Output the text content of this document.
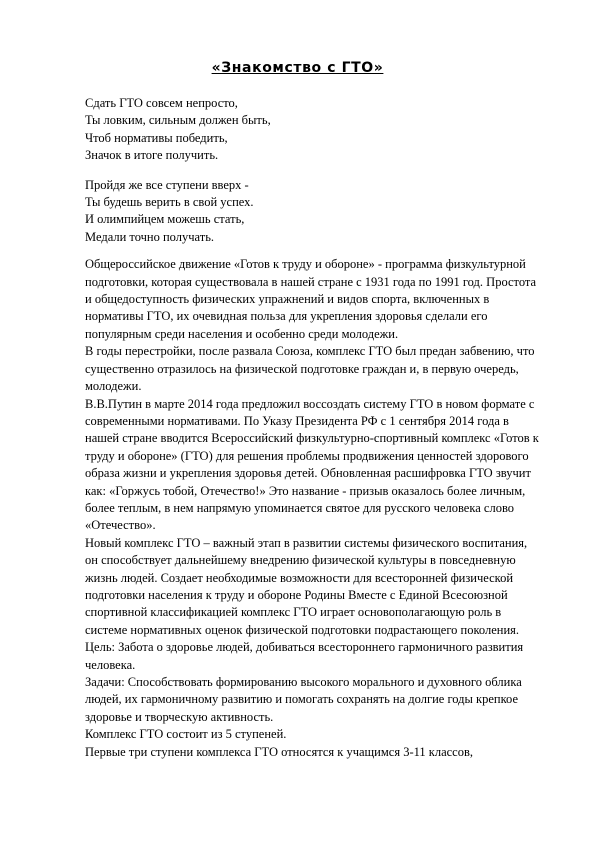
«Знакомство с ГТО»
Сдать ГТО совсем непросто,
Ты ловким, сильным должен быть,
Чтоб нормативы победить,
Значок в итоге получить.
Пройдя же все ступени вверх -
Ты будешь верить в свой успех.
И олимпийцем можешь стать,
Медали точно получать.

Общероссийское движение «Готов к труду и обороне» - программа физкультурной подготовки, которая существовала в нашей стране с 1931 года по 1991 год. Простота и общедоступность физических упражнений и видов спорта, включенных в нормативы ГТО, их очевидная польза для укрепления здоровья сделали его популярным среди населения и особенно среди молодежи.

В годы перестройки, после развала Союза, комплекс ГТО был предан забвению, что существенно отразилось на физической подготовке граждан и, в первую очередь, молодежи.

В.В.Путин в марте 2014 года предложил воссоздать систему ГТО в новом формате с современными нормативами. По Указу Президента РФ с 1 сентября 2014 года в нашей стране вводится Всероссийский физкультурно-спортивный комплекс «Готов к труду и обороне» (ГТО) для решения проблемы продвижения ценностей здорового образа жизни и укрепления здоровья детей. Обновленная расшифровка ГТО звучит как: «Горжусь тобой, Отечество!» Это название - призыв оказалось более личным, более теплым, в нем напрямую упоминается святое для русского человека слово «Отечество».

Новый комплекс ГТО – важный этап в развитии системы физического воспитания, он способствует дальнейшему внедрению физической культуры в повседневную жизнь людей. Создает необходимые возможности для всесторонней физической подготовки населения к труду и обороне Родины Вместе с Единой Всесоюзной спортивной классификацией комплекс ГТО играет основополагающую роль в системе нормативных оценок физической подготовки подрастающего поколения.

Цель: Забота о здоровье людей, добиваться всестороннего гармоничного развития человека.

Задачи: Способствовать формированию высокого морального и духовного облика людей, их гармоничному развитию и помогать сохранять на долгие годы крепкое здоровье и творческую активность.

Комплекс ГТО состоит из 5 ступеней.

Первые три ступени комплекса ГТО относятся к учащимся 3-11 классов,
